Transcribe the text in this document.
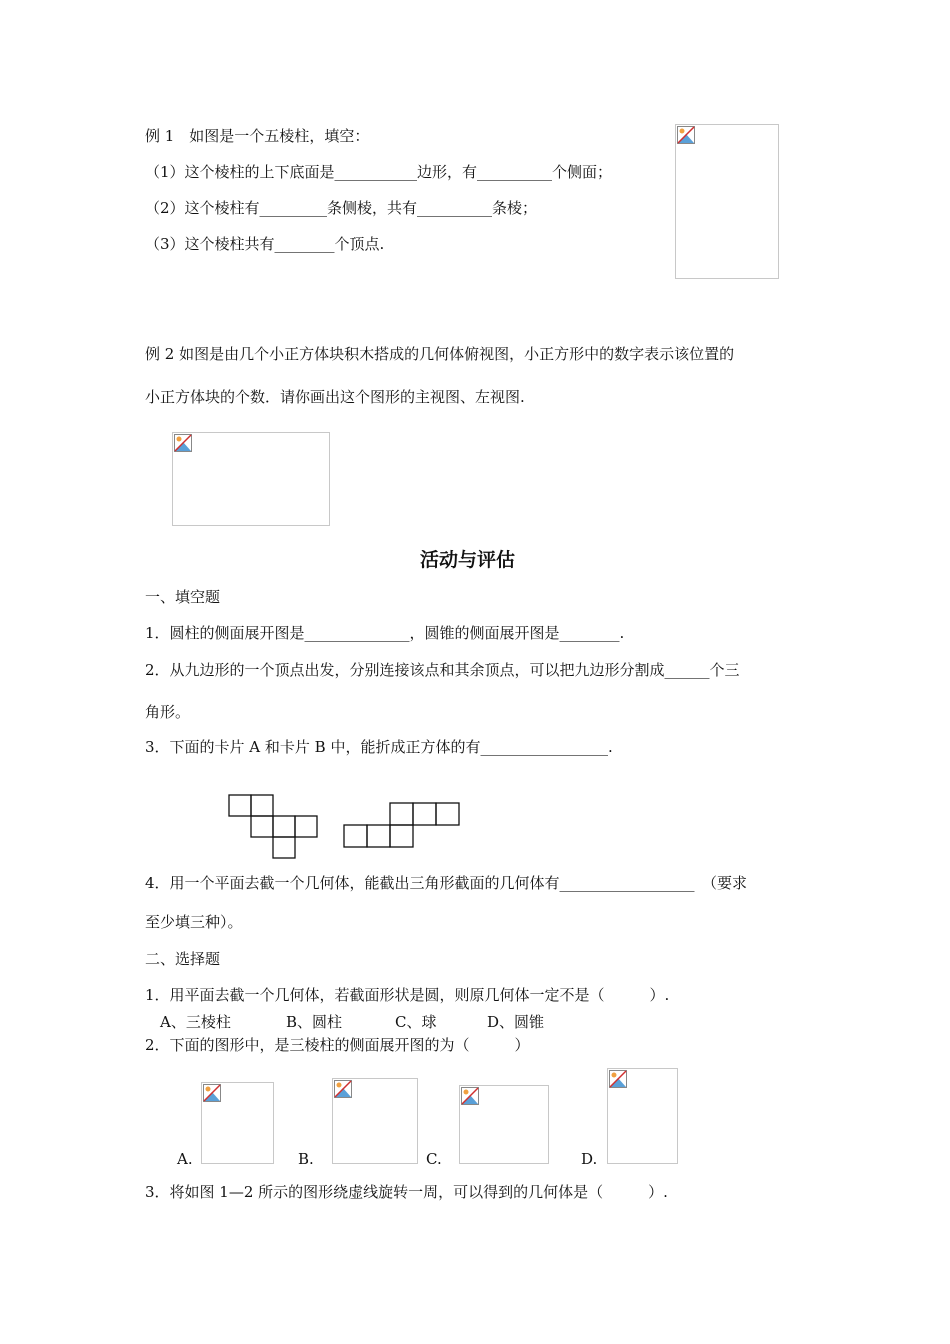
例 1　如图是一个五棱柱，填空：
（1）这个棱柱的上下底面是___________边形，有__________个侧面；
（2）这个棱柱有_________条侧棱，共有__________条棱；
（3）这个棱柱共有________个顶点.
例 2 如图是由几个小正方体块积木搭成的几何体俯视图，小正方形中的数字表示该位置的
小正方体块的个数．请你画出这个图形的主视图、左视图.
活动与评估
一、填空题
1．圆柱的侧面展开图是______________，圆锥的侧面展开图是________.
2．从九边形的一个顶点出发，分别连接该点和其余顶点，可以把九边形分割成______个三
角形。
3．下面的卡片 A 和卡片 B 中，能折成正方体的有_________________.
4．用一个平面去截一个几何体，能截出三角形截面的几何体有__________________　（要求
至少填三种）。
二、选择题
1．用平面去截一个几何体，若截面形状是圆，则原几何体一定不是（　　　）.
A、三棱柱	B、圆柱	C、球	D、圆锥
2．下面的图形中，是三棱柱的侧面展开图的为（　　　）
A.	B.	C.	D.
3．将如图 1—2 所示的图形绕虚线旋转一周，可以得到的几何体是（　　　）.
